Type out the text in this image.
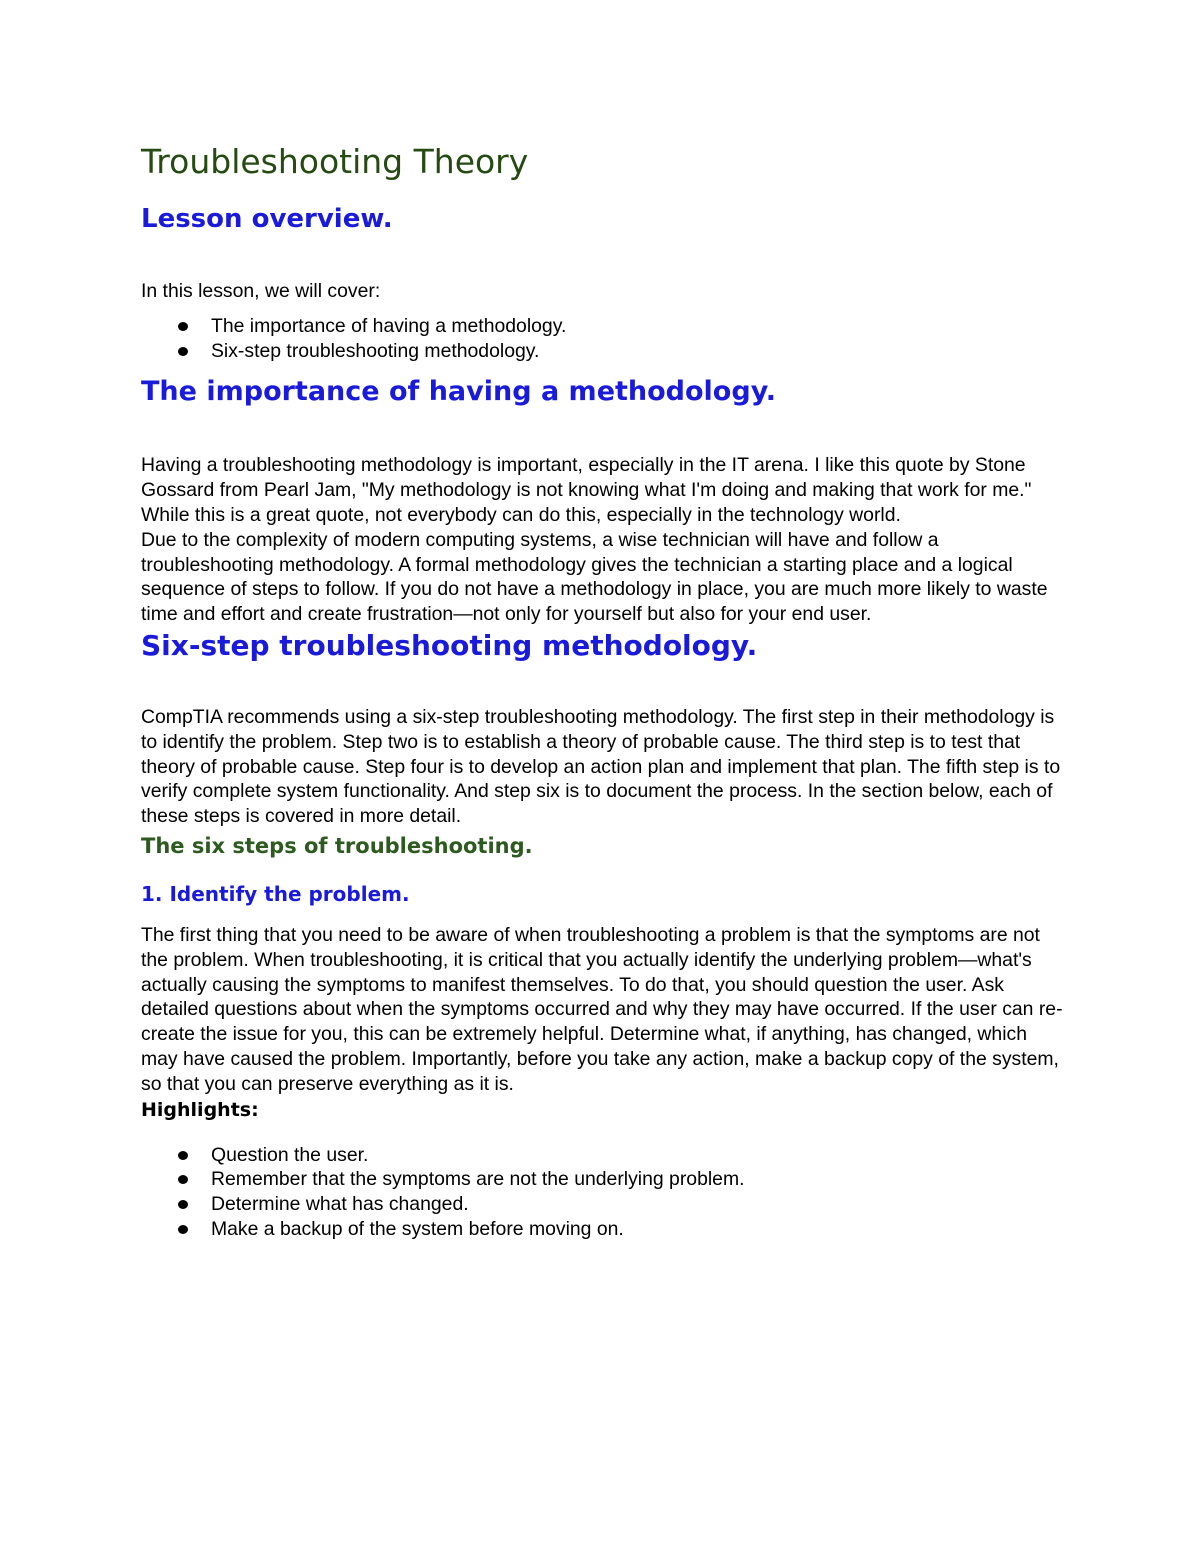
Troubleshooting Theory
Lesson overview.

In this lesson, we will cover:

The importance of having a methodology.
Six-step troubleshooting methodology.
The importance of having a methodology.

Having a troubleshooting methodology is important, especially in the IT arena. I like this quote by Stone Gossard from Pearl Jam, "My methodology is not knowing what I'm doing and making that work for me." While this is a great quote, not everybody can do this, especially in the technology world.

Due to the complexity of modern computing systems, a wise technician will have and follow a troubleshooting methodology. A formal methodology gives the technician a starting place and a logical sequence of steps to follow. If you do not have a methodology in place, you are much more likely to waste time and effort and create frustration—not only for yourself but also for your end user.

Six-step troubleshooting methodology.

CompTIA recommends using a six-step troubleshooting methodology. The first step in their methodology is to identify the problem. Step two is to establish a theory of probable cause. The third step is to test that theory of probable cause. Step four is to develop an action plan and implement that plan. The fifth step is to verify complete system functionality. And step six is to document the process. In the section below, each of these steps is covered in more detail.

The six steps of troubleshooting.
1. Identify the problem.

The first thing that you need to be aware of when troubleshooting a problem is that the symptoms are not the problem. When troubleshooting, it is critical that you actually identify the underlying problem—what's actually causing the symptoms to manifest themselves. To do that, you should question the user. Ask detailed questions about when the symptoms occurred and why they may have occurred. If the user can re-create the issue for you, this can be extremely helpful. Determine what, if anything, has changed, which may have caused the problem. Importantly, before you take any action, make a backup copy of the system, so that you can preserve everything as it is.

Highlights:
Question the user.
Remember that the symptoms are not the underlying problem.
Determine what has changed.
Make a backup of the system before moving on.
